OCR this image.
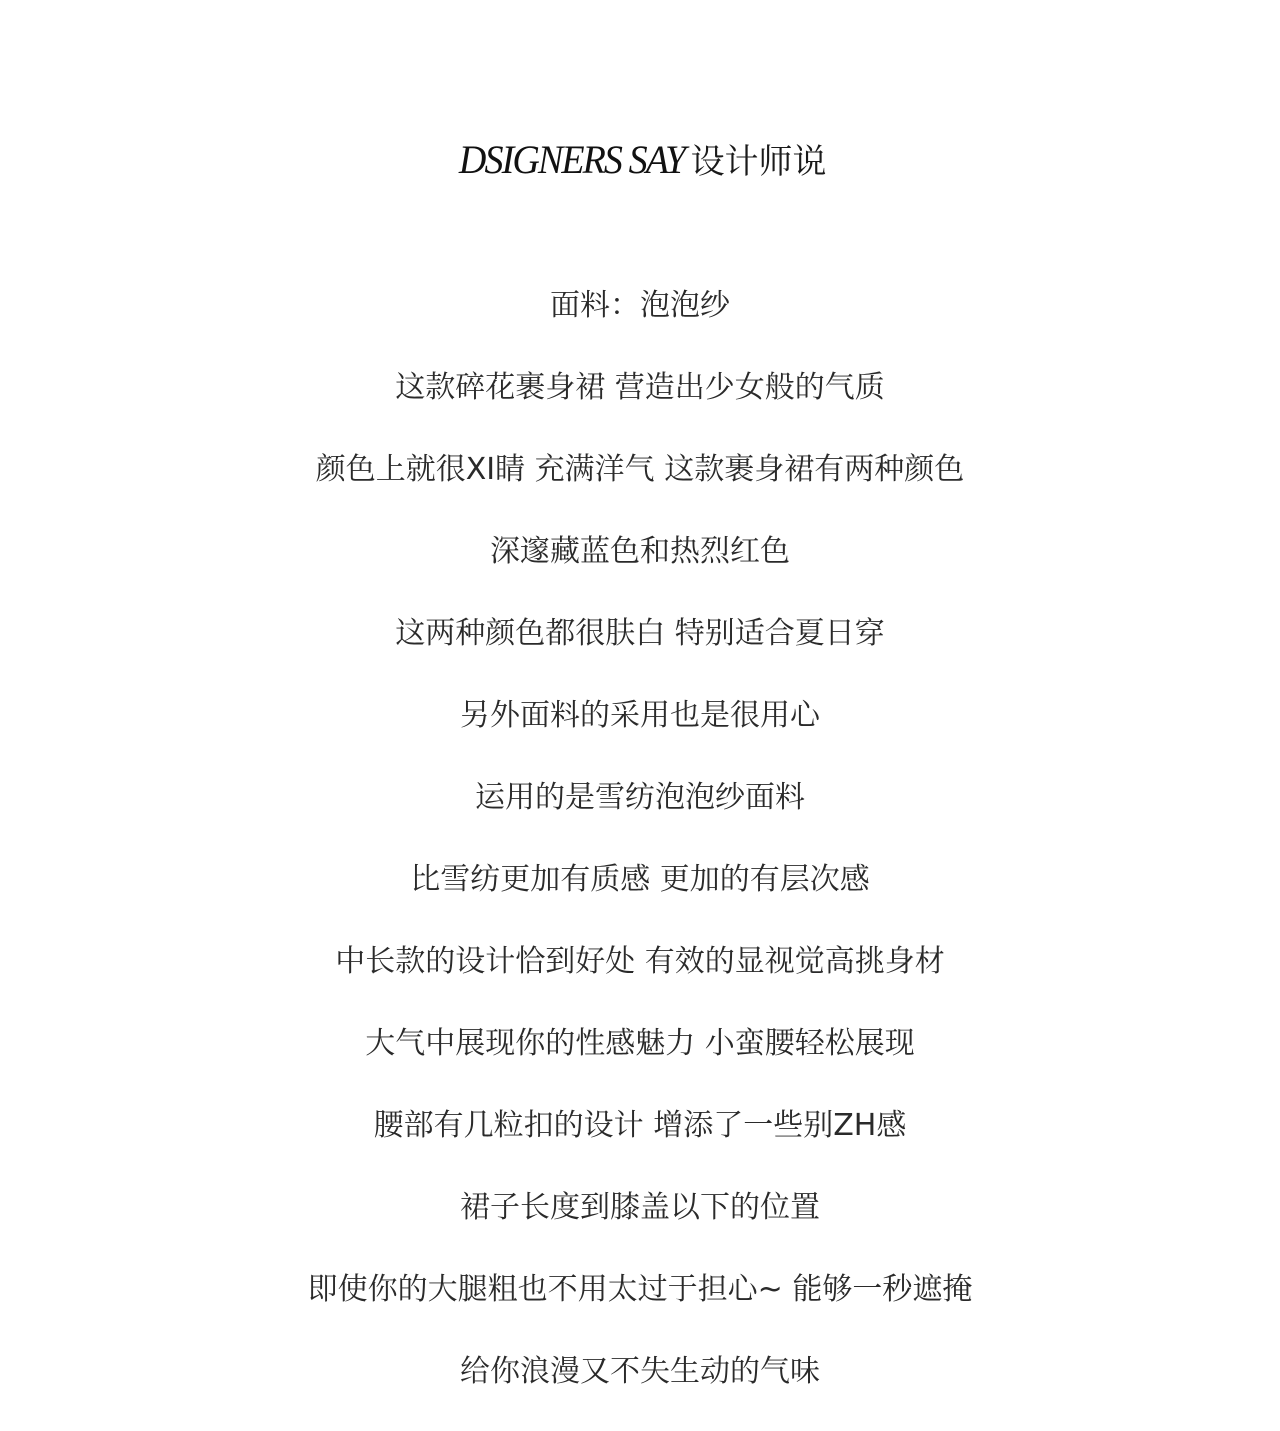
DSIGNERS SAY 设计师说
面料：泡泡纱
这款碎花裹身裙 营造出少女般的气质
颜色上就很XI睛 充满洋气 这款裹身裙有两种颜色
深邃藏蓝色和热烈红色
这两种颜色都很肤白 特别适合夏日穿
另外面料的采用也是很用心
运用的是雪纺泡泡纱面料
比雪纺更加有质感 更加的有层次感
中长款的设计恰到好处 有效的显视觉高挑身材
大气中展现你的性感魅力 小蛮腰轻松展现
腰部有几粒扣的设计 增添了一些别ZH感
裙子长度到膝盖以下的位置
即使你的大腿粗也不用太过于担心~ 能够一秒遮掩
给你浪漫又不失生动的气味
